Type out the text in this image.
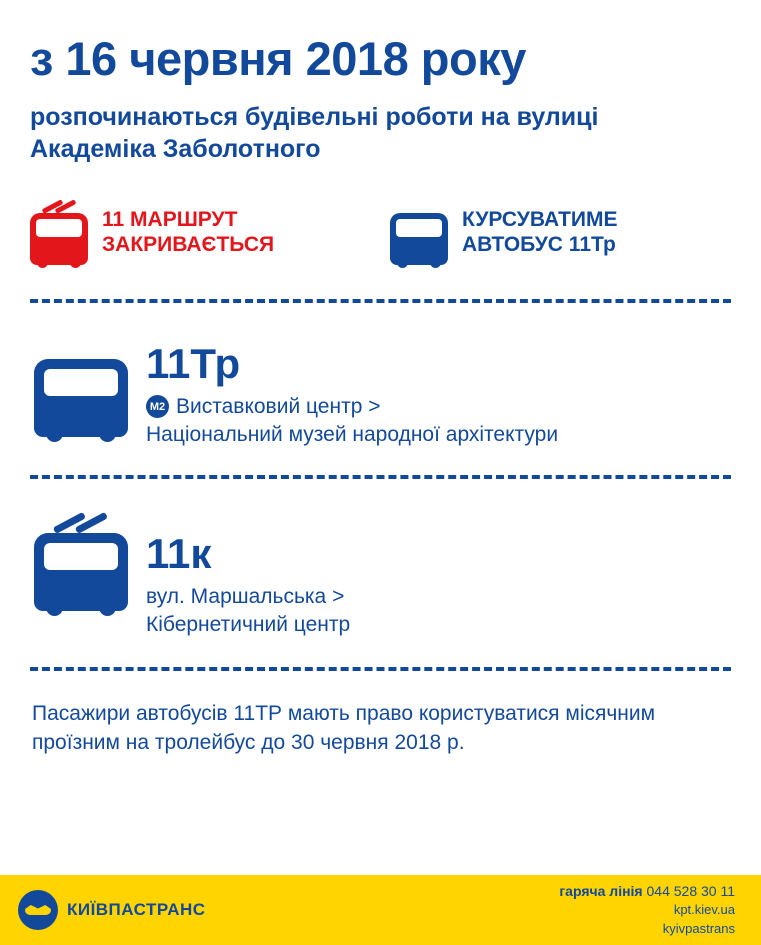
з 16 червня 2018 року

розпочинаються будівельні роботи на вулиці Академіка Заболотного

11 МАРШРУТ
ЗАКРИВАЄТЬСЯ
КУРСУВАТИМЕ
АВТОБУС 11Тр
11Тр
M2 Виставковий центр >
Національний музей народної архітектури
11к
вул. Маршальська >
Кібернетичний центр

Пасажири автобусів 11ТР мають право користуватися місячним проїзним на тролейбус до 30 червня 2018 р.

КИЇВПАСТРАНС
гаряча лінія 044 528 30 11
kpt.kiev.ua
kyivpastrans
